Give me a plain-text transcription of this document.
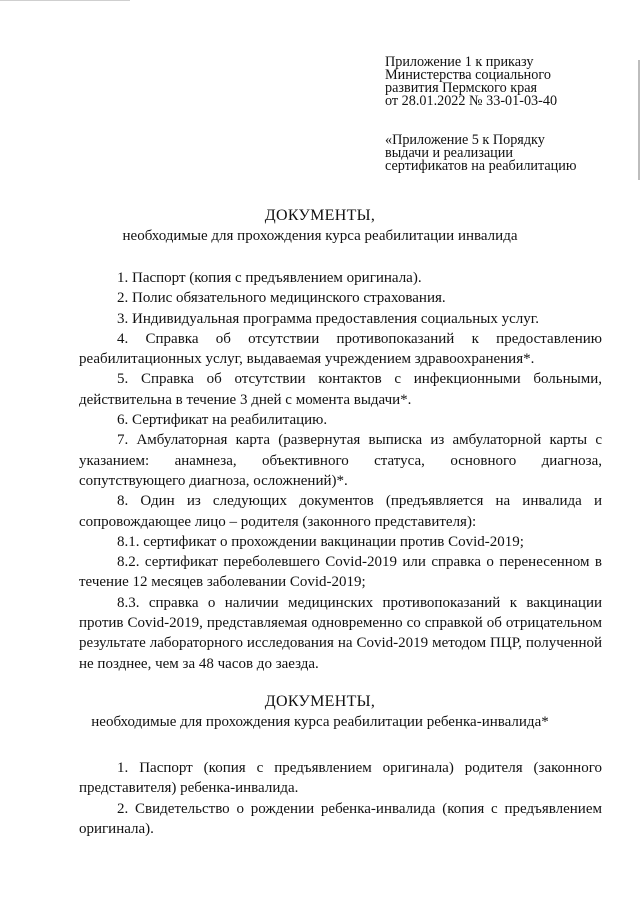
Приложение 1 к приказу
Министерства социального
развития Пермского края
от 28.01.2022 № 33-01-03-40
«Приложение 5 к Порядку
выдачи и реализации
сертификатов на реабилитацию
ДОКУМЕНТЫ,
необходимые для прохождения курса реабилитации инвалида

1. Паспорт (копия с предъявлением оригинала).

2. Полис обязательного медицинского страхования.

3. Индивидуальная программа предоставления социальных услуг.

4. Справка об отсутствии противопоказаний к предоставлению реабилитационных услуг, выдаваемая учреждением здравоохранения*.

5. Справка об отсутствии контактов с инфекционными больными, действительна в течение 3 дней с момента выдачи*.

6. Сертификат на реабилитацию.

7. Амбулаторная карта (развернутая выписка из амбулаторной карты с указанием: анамнеза, объективного статуса, основного диагноза, сопутствующего диагноза, осложнений)*.

8. Один из следующих документов (предъявляется на инвалида и сопровождающее лицо – родителя (законного представителя):

8.1. сертификат о прохождении вакцинации против Covid-2019;

8.2. сертификат переболевшего Covid-2019 или справка о перенесенном в течение 12 месяцев заболевании Covid-2019;

8.3. справка о наличии медицинских противопоказаний к вакцинации против Covid-2019, представляемая одновременно со справкой об отрицательном результате лабораторного исследования на Covid-2019 методом ПЦР, полученной не позднее, чем за 48 часов до заезда.

ДОКУМЕНТЫ,
необходимые для прохождения курса реабилитации ребенка-инвалида*

1. Паспорт (копия с предъявлением оригинала) родителя (законного представителя) ребенка-инвалида.

2. Свидетельство о рождении ребенка-инвалида (копия с предъявлением оригинала).
